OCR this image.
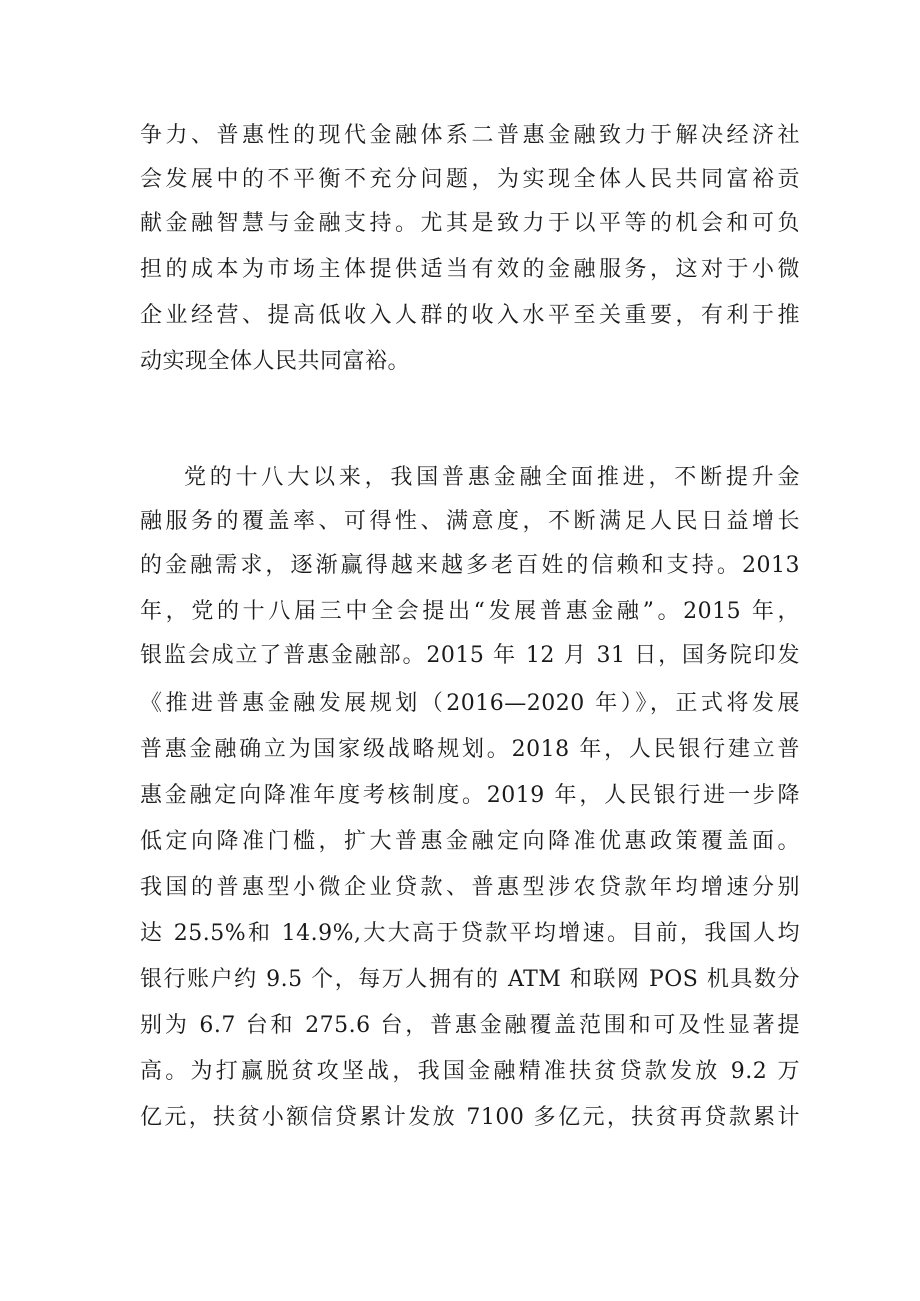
争力、普惠性的现代金融体系二普惠金融致力于解决经济社
会发展中的不平衡不充分问题，为实现全体人民共同富裕贡
献金融智慧与金融支持。尤其是致力于以平等的机会和可负
担的成本为市场主体提供适当有效的金融服务，这对于小微
企业经营、提高低收入人群的收入水平至关重要，有利于推
动实现全体人民共同富裕。
党的十八大以来，我国普惠金融全面推进，不断提升金
融服务的覆盖率、可得性、满意度，不断满足人民日益增长
的金融需求，逐渐赢得越来越多老百姓的信赖和支持。2013
年，党的十八届三中全会提出“发展普惠金融”。2015 年，
银监会成立了普惠金融部。2015 年 12 月 31 日，国务院印发
《推进普惠金融发展规划（2016—2020 年）》，正式将发展
普惠金融确立为国家级战略规划。2018 年，人民银行建立普
惠金融定向降准年度考核制度。2019 年，人民银行进一步降
低定向降准门槛，扩大普惠金融定向降准优惠政策覆盖面。
我国的普惠型小微企业贷款、普惠型涉农贷款年均增速分别
达 25.5%和 14.9%,大大高于贷款平均增速。目前，我国人均
银行账户约 9.5 个，每万人拥有的 ATM 和联网 POS 机具数分
别为 6.7 台和 275.6 台，普惠金融覆盖范围和可及性显著提
高。为打赢脱贫攻坚战，我国金融精准扶贫贷款发放 9.2 万
亿元，扶贫小额信贷累计发放 7100 多亿元，扶贫再贷款累计
